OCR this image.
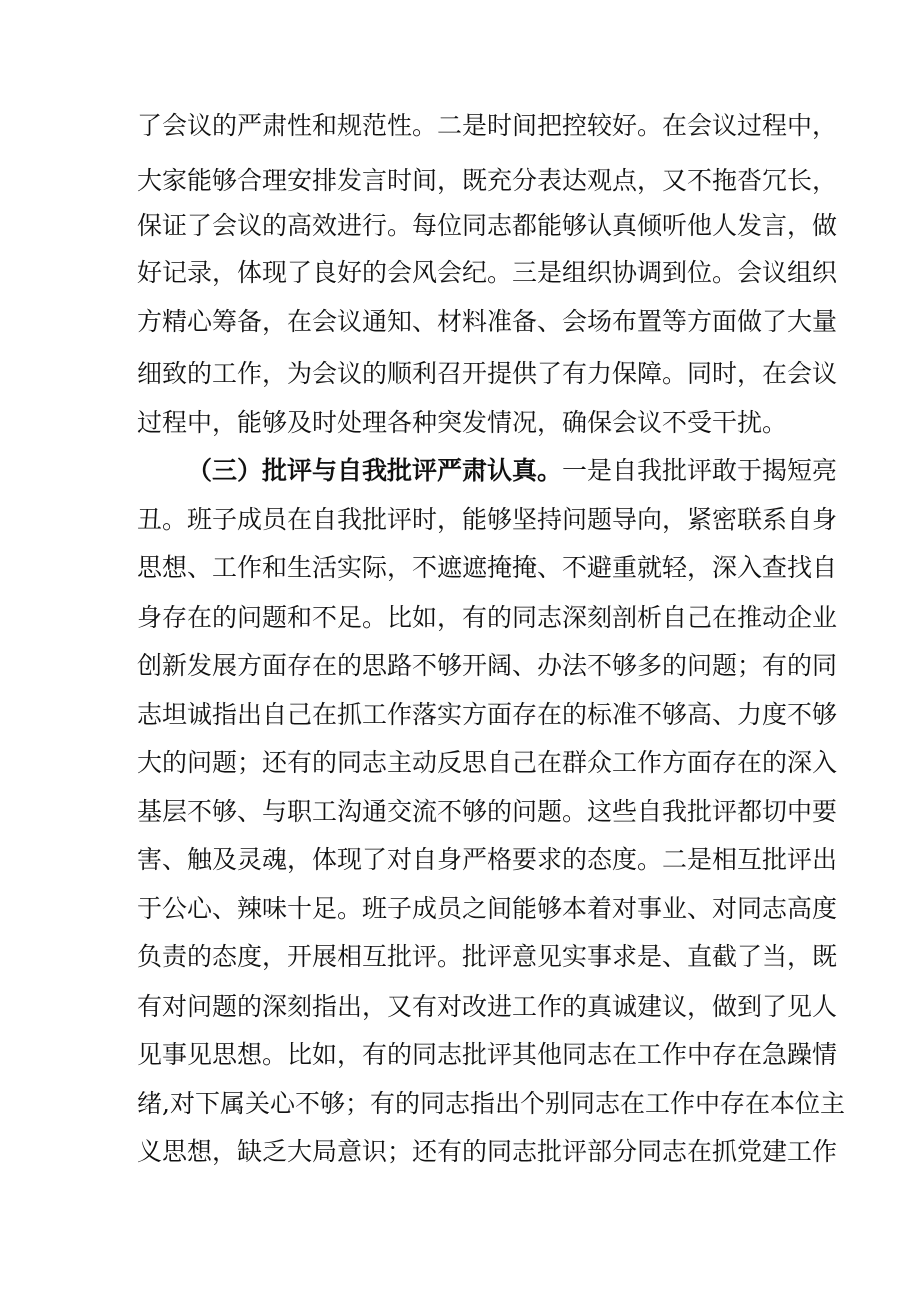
了会议的严肃性和规范性。二是时间把控较好。在会议过程中，
大家能够合理安排发言时间，既充分表达观点，又不拖沓冗长，
保证了会议的高效进行。每位同志都能够认真倾听他人发言，做
好记录，体现了良好的会风会纪。三是组织协调到位。会议组织
方精心筹备，在会议通知、材料准备、会场布置等方面做了大量
细致的工作，为会议的顺利召开提供了有力保障。同时，在会议
过程中，能够及时处理各种突发情况，确保会议不受干扰。
（三）批评与自我批评严肃认真。一是自我批评敢于揭短亮
丑。班子成员在自我批评时，能够坚持问题导向，紧密联系自身
思想、工作和生活实际，不遮遮掩掩、不避重就轻，深入查找自
身存在的问题和不足。比如，有的同志深刻剖析自己在推动企业
创新发展方面存在的思路不够开阔、办法不够多的问题；有的同
志坦诚指出自己在抓工作落实方面存在的标准不够高、力度不够
大的问题；还有的同志主动反思自己在群众工作方面存在的深入
基层不够、与职工沟通交流不够的问题。这些自我批评都切中要
害、触及灵魂，体现了对自身严格要求的态度。二是相互批评出
于公心、辣味十足。班子成员之间能够本着对事业、对同志高度
负责的态度，开展相互批评。批评意见实事求是、直截了当，既
有对问题的深刻指出，又有对改进工作的真诚建议，做到了见人
见事见思想。比如，有的同志批评其他同志在工作中存在急躁情
绪,对下属关心不够；有的同志指出个别同志在工作中存在本位主
义思想，缺乏大局意识；还有的同志批评部分同志在抓党建工作
